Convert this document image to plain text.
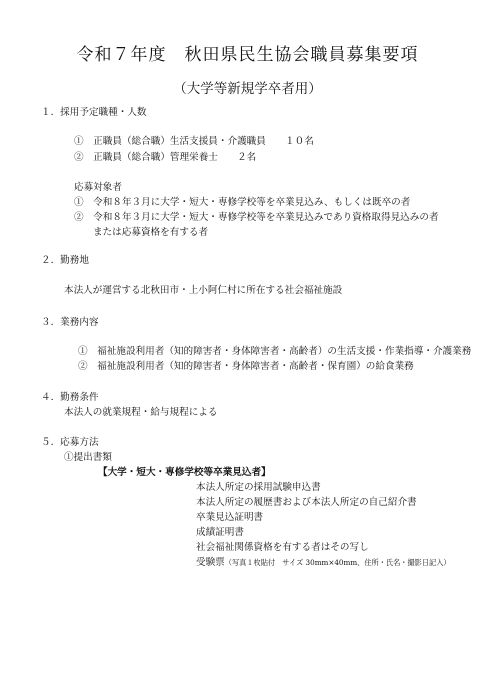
令和７年度　秋田県民生協会職員募集要項
（大学等新規学卒者用）
１．採用予定職種・人数
①　正職員（総合職）生活支援員・介護職員　　１０名
②　正職員（総合職）管理栄養士　　２名
応募対象者
①　令和８年３月に大学・短大・専修学校等を卒業見込み、もしくは既卒の者
②　令和８年３月に大学・短大・専修学校等を卒業見込みであり資格取得見込みの者
または応募資格を有する者
２．勤務地
本法人が運営する北秋田市・上小阿仁村に所在する社会福祉施設
３．業務内容
①　福祉施設利用者（知的障害者・身体障害者・高齢者）の生活支援・作業指導・介護業務
②　福祉施設利用者（知的障害者・身体障害者・高齢者・保育園）の給食業務
４．勤務条件
本法人の就業規程・給与規程による
５．応募方法
①提出書類
【大学・短大・専修学校等卒業見込者】
本法人所定の採用試験申込書
本法人所定の履歴書および本法人所定の自己紹介書
卒業見込証明書
成績証明書
社会福祉関係資格を有する者はその写し
受験票（写真１枚貼付　サイズ 30mm×40mm、住所・氏名・撮影日記入）
